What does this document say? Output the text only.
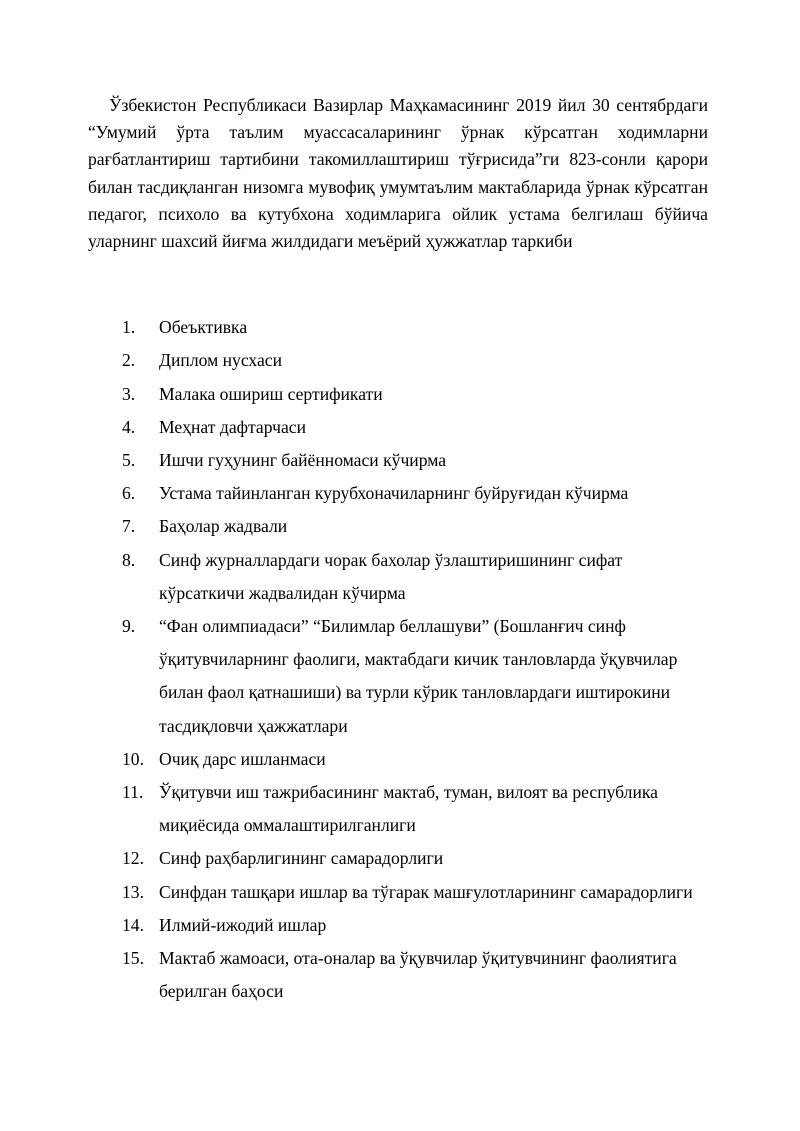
Ўзбекистон Республикаси Вазирлар Маҳкамасининг 2019 йил 30 сентябрдаги “Умумий ўрта таълим муассасаларининг ўрнак кўрсатган ходимларни рағбатлантириш тартибини такомиллаштириш тўғрисида”ги 823-сонли қарори билан тасдиқланган низомга мувофиқ умумтаълим мактабларида ўрнак кўрсатган педагог, психоло ва кутубхона ходимларига ойлик устама белгилаш бўйича уларнинг шахсий йиғма жилдидаги меъёрий ҳужжатлар таркиби

1.	Обеъктивка
2.	Диплом нусхаси
3.	Малака ошириш сертификати
4.	Меҳнат дафтарчаси
5.	Ишчи гуҳунинг байённомаси кўчирма
6.	Устама тайинланган курубхоначиларнинг буйруғидан кўчирма
7.	Баҳолар жадвали
8.	Синф журналлардаги чорак бахолар ўзлаштиришининг сифат кўрсаткичи жадвалидан кўчирма
9.	“Фан олимпиадаси” “Билимлар беллашуви” (Бошланғич синф ўқитувчиларнинг фаолиги, мактабдаги кичик танловларда ўқувчилар билан фаол қатнашиши) ва турли кўрик танловлардаги иштирокини тасдиқловчи ҳажжатлари
10. Очиқ дарс ишланмаси
11. Ўқитувчи иш тажрибасининг мактаб, туман, вилоят ва республика миқиёсида оммалаштирилганлиги
12. Синф раҳбарлигининг самарадорлиги
13. Синфдан ташқари ишлар ва тўгарак машғулотларининг самарадорлиги
14. Илмий-ижодий ишлар
15. Мактаб жамоаси, ота-оналар ва ўқувчилар ўқитувчининг фаолиятига берилган баҳоси
